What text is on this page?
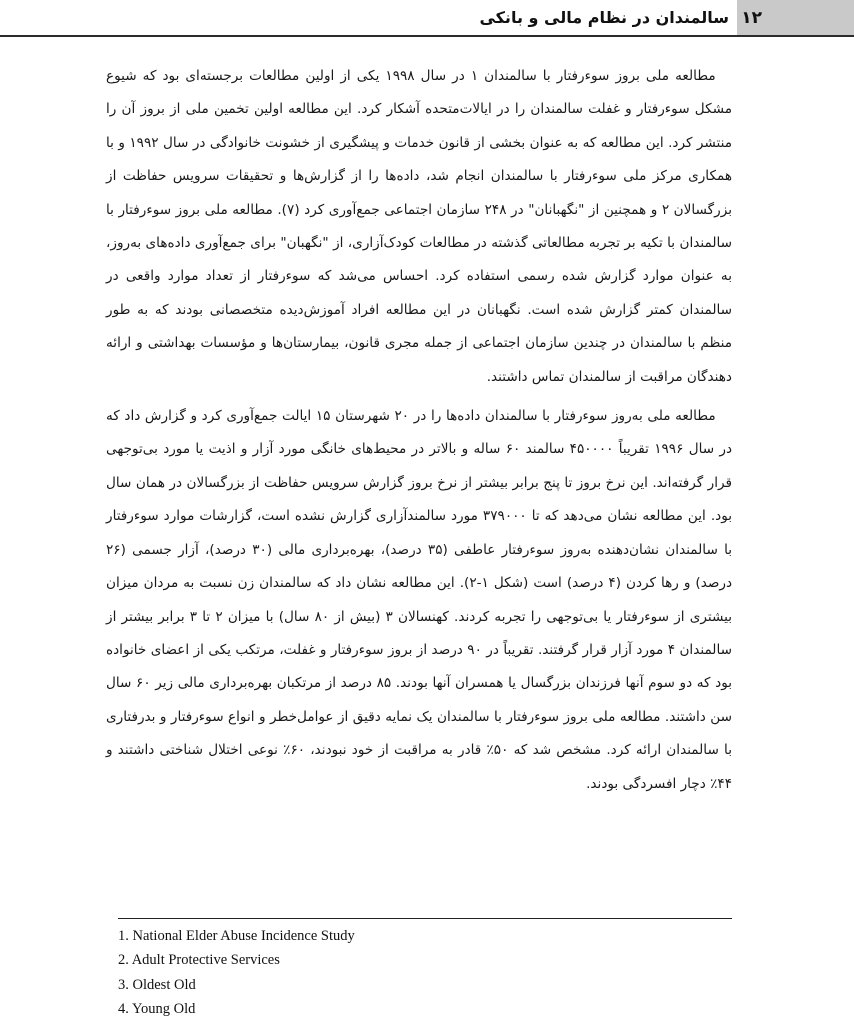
۱۲
سالمندان در نظام مالی و بانکی

مطالعه ملی بروز سوء‌رفتار با سالمندان ۱ در سال ۱۹۹۸ یکی از اولین مطالعات برجسته‌ای بود که شیوع مشکل سوء‌رفتار و غفلت سالمندان را در ایالات‌متحده آشکار کرد. این مطالعه اولین تخمین ملی از بروز آن را منتشر کرد. این مطالعه که به عنوان بخشی از قانون خدمات و پیشگیری از خشونت خانوادگی در سال ۱۹۹۲ و با همکاری مرکز ملی سوء‌رفتار با سالمندان انجام شد، داده‌ها را از گزارش‌ها و تحقیقات سرویس حفاظت از بزرگسالان ۲ و همچنین از "نگهبانان" در ۲۴۸ سازمان اجتماعی جمع‌آوری کرد (۷). مطالعه ملی بروز سوء‌رفتار با سالمندان با تکیه بر تجربه مطالعاتی گذشته در مطالعات کودک‌آزاری، از "نگهبان" برای جمع‌آوری داده‌های به‌روز، به عنوان موارد گزارش شده رسمی استفاده کرد. احساس می‌شد که سوء‌رفتار از تعداد موارد واقعی در سالمندان کمتر گزارش شده است. نگهبانان در این مطالعه افراد آموزش‌دیده متخصصانی بودند که به طور منظم با سالمندان در چندین سازمان اجتماعی از جمله مجری قانون، بیمارستان‌ها و مؤسسات بهداشتی و ارائه دهندگان مراقبت از سالمندان تماس داشتند.

مطالعه ملی به‌روز سوء‌رفتار با سالمندان داده‌ها را در ۲۰ شهرستان ۱۵ ایالت جمع‌آوری کرد و گزارش داد که در سال ۱۹۹۶ تقریباً ۴۵۰۰۰۰ سالمند ۶۰ ساله و بالاتر در محیط‌های خانگی مورد آزار و اذیت یا مورد بی‌توجهی قرار گرفته‌اند. این نرخ بروز تا پنج برابر بیشتر از نرخ بروز گزارش سرویس حفاظت از بزرگسالان در همان سال بود. این مطالعه نشان می‌دهد که تا ۳۷۹۰۰۰ مورد سالمندآزاری گزارش نشده است، گزارشات موارد سوء‌رفتار با سالمندان نشان‌دهنده به‌روز سوء‌رفتار عاطفی (۳۵ درصد)، بهره‌برداری مالی (۳۰ درصد)، آزار جسمی (۲۶ درصد) و رها کردن (۴ درصد) است (شکل ۱-۲). این مطالعه نشان داد که سالمندان زن نسبت به مردان میزان بیشتری از سوء‌رفتار یا بی‌توجهی را تجربه کردند. کهنسالان ۳ (بیش از ۸۰ سال) با میزان ۲ تا ۳ برابر بیشتر از سالمندان ۴ مورد آزار قرار گرفتند. تقریباً در ۹۰ درصد از بروز سوء‌رفتار و غفلت، مرتکب یکی از اعضای خانواده بود که دو سوم آنها فرزندان بزرگسال یا همسران آنها بودند. ۸۵ درصد از مرتکبان بهره‌برداری مالی زیر ۶۰ سال سن داشتند. مطالعه ملی بروز سوء‌رفتار با سالمندان یک نمایه دقیق از عوامل‌خطر و انواع سوء‌رفتار و بدرفتاری با سالمندان ارائه کرد. مشخص شد که ۵۰٪ قادر به مراقبت از خود نبودند، ۶۰٪ نوعی اختلال شناختی داشتند و ۴۴٪ دچار افسردگی بودند.

1. National Elder Abuse Incidence Study
2. Adult Protective Services
3. Oldest Old
4. Young Old
